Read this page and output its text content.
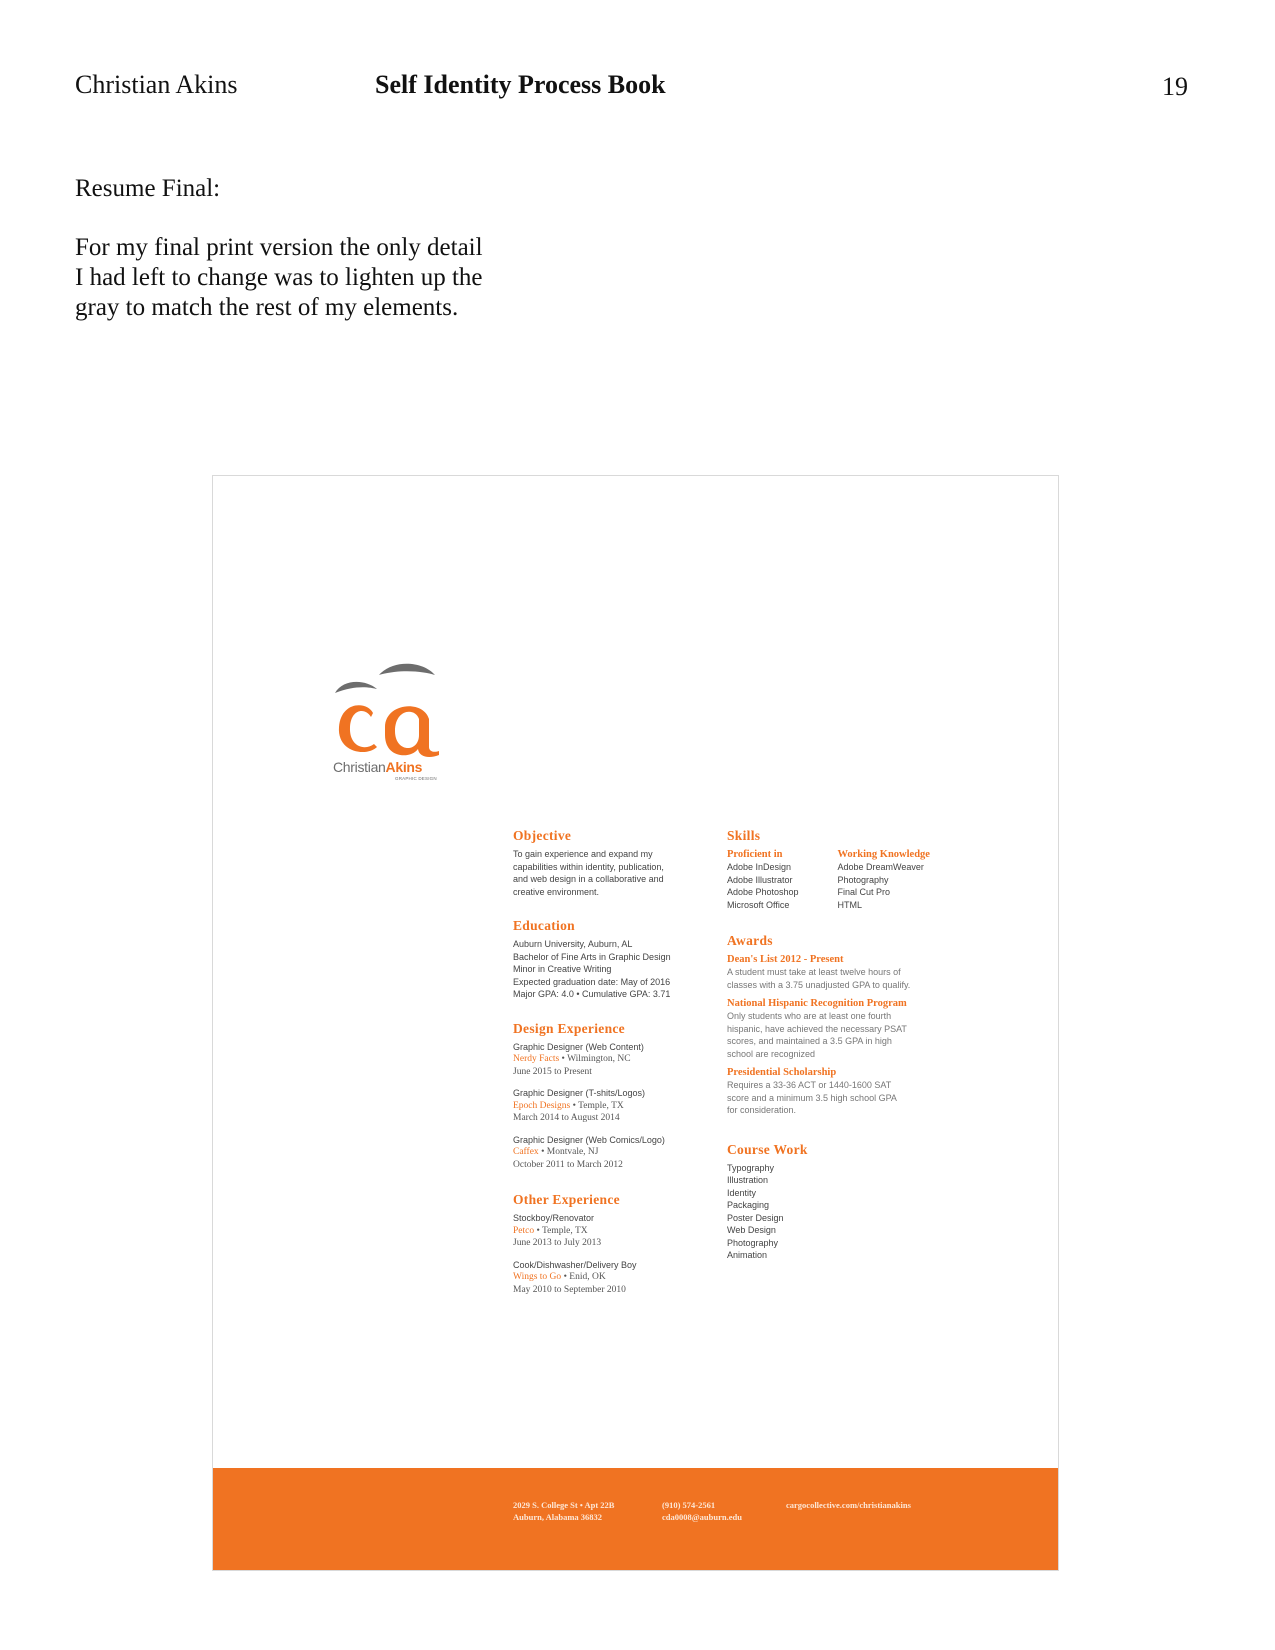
Christian Akins	Self Identity Process Book	19
Resume Final:
For my final print version the only detail
I had left to change was to lighten up the
gray to match the rest of my elements.
ChristianAkins
GRAPHIC DESIGN
Objective
To gain experience and expand my
capabilities within identity, publication,
and web design in a collaborative and
creative environment.
Education
Auburn University, Auburn, AL
Bachelor of Fine Arts in Graphic Design
Minor in Creative Writing
Expected graduation date: May of 2016
Major GPA: 4.0 • Cumulative GPA: 3.71
Design Experience
Graphic Designer (Web Content)
Nerdy Facts • Wilmington, NC
June 2015 to Present
Graphic Designer (T-shits/Logos)
Epoch Designs • Temple, TX
March 2014 to August 2014
Graphic Designer (Web Comics/Logo)
Caffex • Montvale, NJ
October 2011 to March 2012
Other Experience
Stockboy/Renovator
Petco • Temple, TX
June 2013 to July 2013
Cook/Dishwasher/Delivery Boy
Wings to Go • Enid, OK
May 2010 to September 2010
Skills
Proficient in
Adobe InDesign
Adobe Illustrator
Adobe Photoshop
Microsoft Office
Working Knowledge
Adobe DreamWeaver
Photography
Final Cut Pro
HTML
Awards
Dean's List 2012 - Present
A student must take at least twelve hours of
classes with a 3.75 unadjusted GPA to qualify.
National Hispanic Recognition Program
Only students who are at least one fourth
hispanic, have achieved the necessary PSAT
scores, and maintained a 3.5 GPA in high
school are recognized
Presidential Scholarship
Requires a 33-36 ACT or 1440-1600 SAT
score and a minimum 3.5 high school GPA
for consideration.
Course Work
Typography
Illustration
Identity
Packaging
Poster Design
Web Design
Photography
Animation
2029 S. College St • Apt 22B
Auburn, Alabama 36832
(910) 574-2561
cda0008@auburn.edu
cargocollective.com/christianakins
